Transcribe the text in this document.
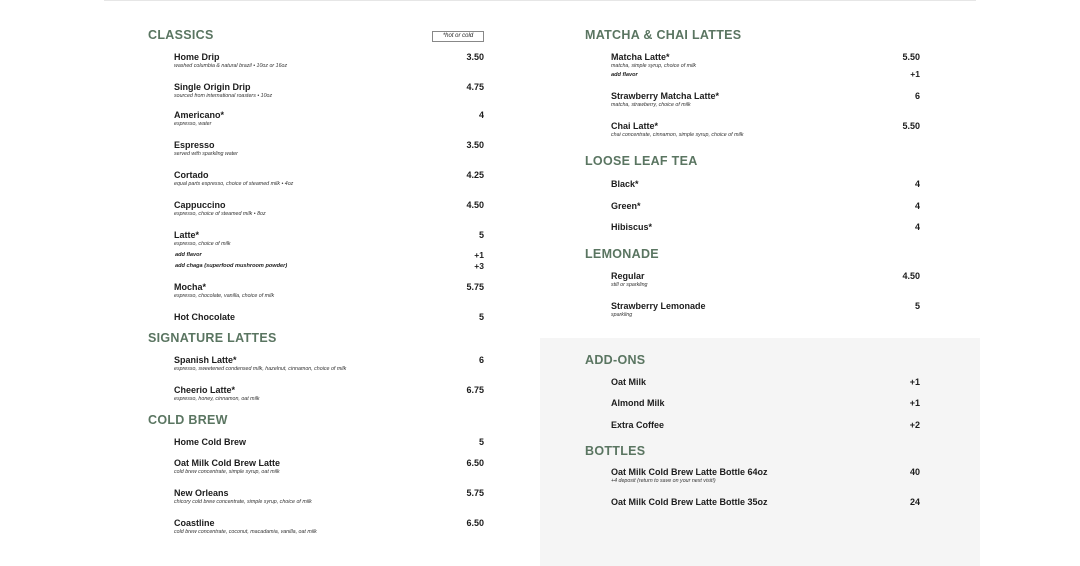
CLASSICS	*hot or cold
Home Drip
washed columbia & natural brazil • 10oz or 16oz
3.50
Single Origin Drip
sourced from international roasters • 10oz
4.75
Americano*
espresso, water
4
Espresso
served with sparkling water
3.50
Cortado
equal parts espresso, choice of steamed milk • 4oz
4.25
Cappuccino
espresso, choice of steamed milk • 8oz
4.50
Latte*
espresso, choice of milk
5
add flavor	+1
add chaga (superfood mushroom powder)	+3
Mocha*
espresso, chocolate, vanilla, choice of milk
5.75
Hot Chocolate	5
SIGNATURE LATTES
Spanish Latte*
espresso, sweetened condensed milk, hazelnut, cinnamon, choice of milk
6
Cheerio Latte*
espresso, honey, cinnamon, oat milk
6.75
COLD BREW
Home Cold Brew	5
Oat Milk Cold Brew Latte
cold brew concentrate, simple syrup, oat milk
6.50
New Orleans
chicory cold brew concentrate, simple syrup, choice of milk
5.75
Coastline
cold brew concentrate, coconut, macadamia, vanilla, oat milk
6.50
MATCHA & CHAI LATTES
Matcha Latte*
matcha, simple syrup, choice of milk
5.50
add flavor	+1
Strawberry Matcha Latte*
matcha, strawberry, choice of milk
6
Chai Latte*
chai concentrate, cinnamon, simple syrup, choice of milk
5.50
LOOSE LEAF TEA
Black*	4
Green*	4
Hibiscus*	4
LEMONADE
Regular
still or sparkling
4.50
Strawberry Lemonade
sparkling
5
ADD-ONS
Oat Milk	+1
Almond Milk	+1
Extra Coffee	+2
BOTTLES
Oat Milk Cold Brew Latte Bottle 64oz
+4 deposit (return to save on your next visit!)
40
Oat Milk Cold Brew Latte Bottle 35oz	24
